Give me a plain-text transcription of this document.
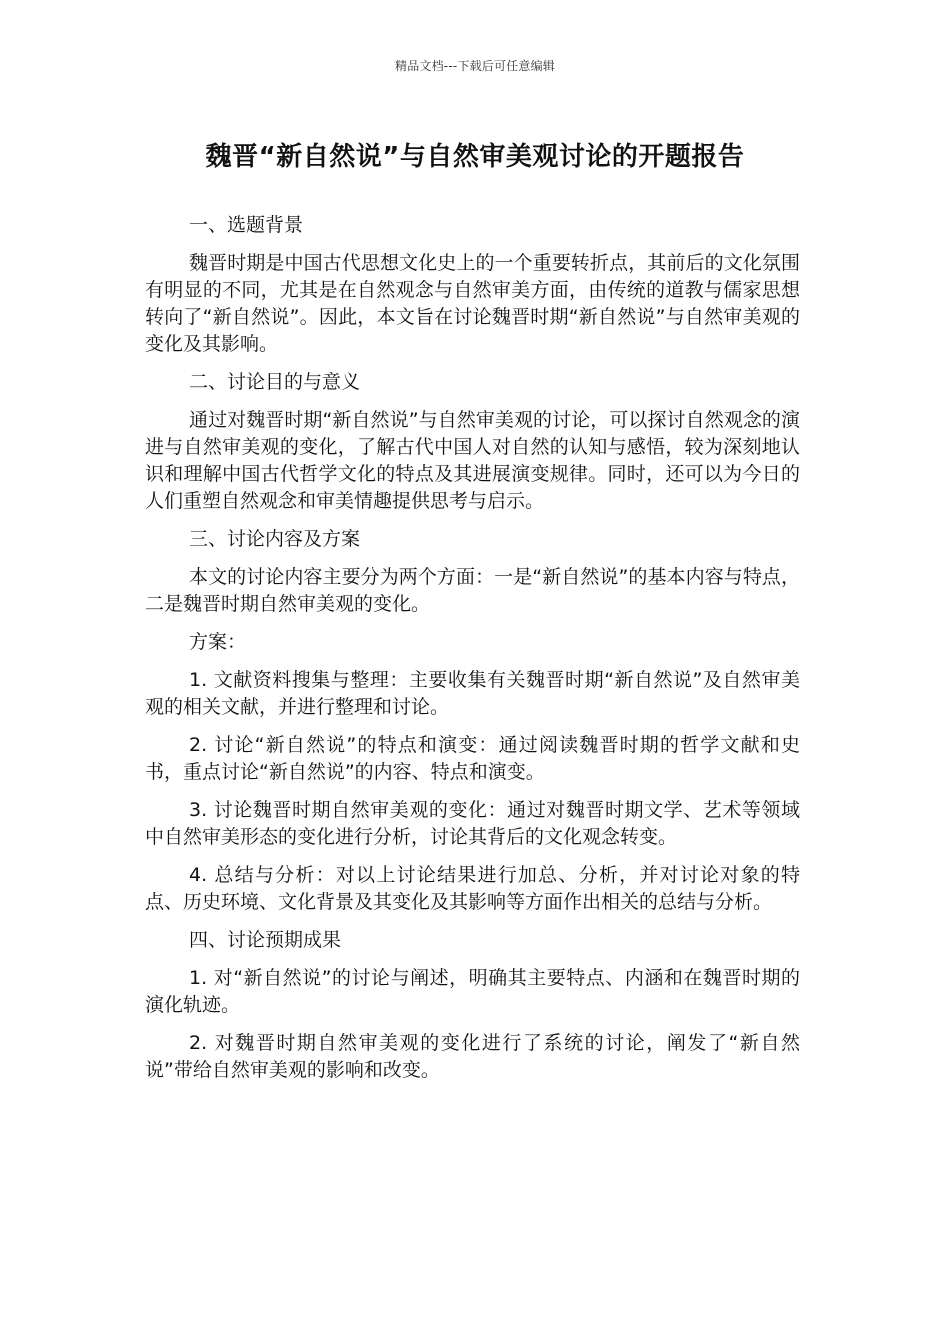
精品文档---下载后可任意编辑
魏晋“新自然说”与自然审美观讨论的开题报告
一、选题背景

魏晋时期是中国古代思想文化史上的一个重要转折点，其前后的文化氛围有明显的不同，尤其是在自然观念与自然审美方面，由传统的道教与儒家思想转向了“新自然说”。因此，本文旨在讨论魏晋时期“新自然说”与自然审美观的变化及其影响。

二、讨论目的与意义

通过对魏晋时期“新自然说”与自然审美观的讨论，可以探讨自然观念的演进与自然审美观的变化，了解古代中国人对自然的认知与感悟，较为深刻地认识和理解中国古代哲学文化的特点及其进展演变规律。同时，还可以为今日的人们重塑自然观念和审美情趣提供思考与启示。

三、讨论内容及方案

本文的讨论内容主要分为两个方面：一是“新自然说”的基本内容与特点，二是魏晋时期自然审美观的变化。

方案：

1. 文献资料搜集与整理：主要收集有关魏晋时期“新自然说”及自然审美观的相关文献，并进行整理和讨论。

2. 讨论“新自然说”的特点和演变：通过阅读魏晋时期的哲学文献和史书，重点讨论“新自然说”的内容、特点和演变。

3. 讨论魏晋时期自然审美观的变化：通过对魏晋时期文学、艺术等领域中自然审美形态的变化进行分析，讨论其背后的文化观念转变。

4. 总结与分析：对以上讨论结果进行加总、分析，并对讨论对象的特点、历史环境、文化背景及其变化及其影响等方面作出相关的总结与分析。

四、讨论预期成果

1. 对“新自然说”的讨论与阐述，明确其主要特点、内涵和在魏晋时期的演化轨迹。

2. 对魏晋时期自然审美观的变化进行了系统的讨论，阐发了“新自然说”带给自然审美观的影响和改变。
